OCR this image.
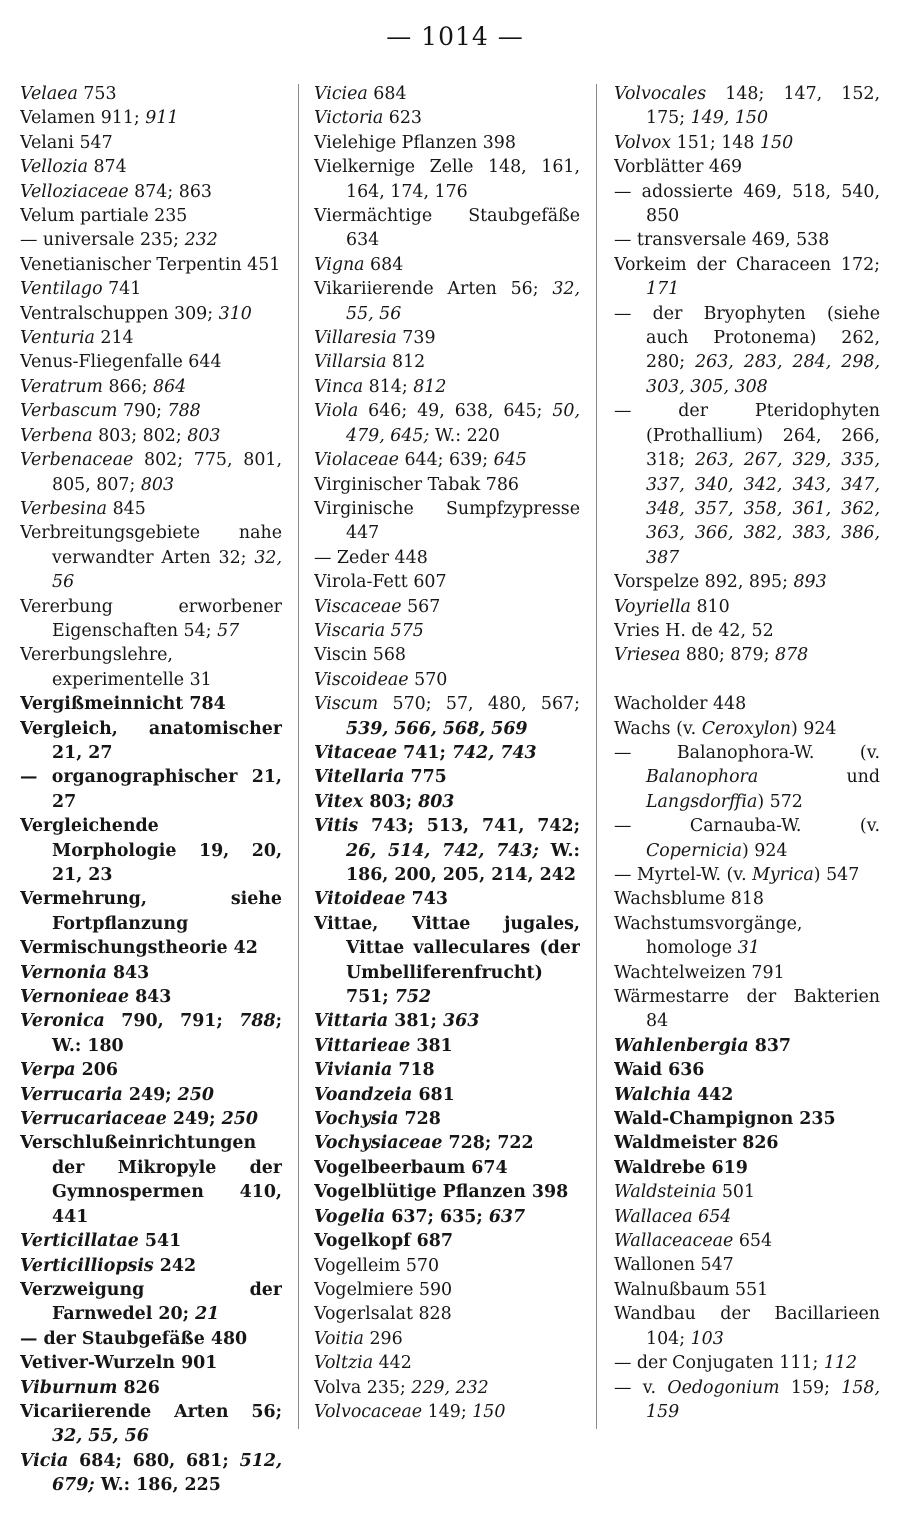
— 1014 —
Velaea 753
Velamen 911; 911
Velani 547
Vellozia 874
Velloziaceae 874; 863
Velum partiale 235
— universale 235; 232
Venetianischer Terpentin 451
Ventilago 741
Ventralschuppen 309; 310
Venturia 214
Venus-Fliegenfalle 644
Veratrum 866; 864
Verbascum 790; 788
Verbena 803; 802; 803
Verbenaceae 802; 775, 801, 805, 807; 803
Verbesina 845
Verbreitungsgebiete nahe verwandter Arten 32; 32, 56
Vererbung erworbener Eigenschaften 54; 57
Vererbungslehre, experimentelle 31
Vergißmeinnicht 784
Vergleich, anatomischer 21, 27
— organographischer 21, 27
Vergleichende Morphologie 19, 20, 21, 23
Vermehrung, siehe Fortpflanzung
Vermischungstheorie 42
Vernonia 843
Vernonieae 843
Veronica 790, 791; 788; W.: 180
Verpa 206
Verrucaria 249; 250
Verrucariaceae 249; 250
Verschlußeinrichtungen der Mikropyle der Gymnospermen 410, 441
Verticillatae 541
Verticilliopsis 242
Verzweigung der Farnwedel 20; 21
— der Staubgefäße 480
Vetiver-Wurzeln 901
Viburnum 826
Vicariierende Arten 56; 32, 55, 56
Vicia 684; 680, 681; 512, 679; W.: 186, 225
Viciea 684
Victoria 623
Vielehige Pflanzen 398
Vielkernige Zelle 148, 161, 164, 174, 176
Viermächtige Staubgefäße 634
Vigna 684
Vikariierende Arten 56; 32, 55, 56
Villaresia 739
Villarsia 812
Vinca 814; 812
Viola 646; 49, 638, 645; 50, 479, 645; W.: 220
Violaceae 644; 639; 645
Virginischer Tabak 786
Virginische Sumpfzypresse 447
— Zeder 448
Virola-Fett 607
Viscaceae 567
Viscaria 575
Viscin 568
Viscoideae 570
Viscum 570; 57, 480, 567; 539, 566, 568, 569
Vitaceae 741; 742, 743
Vitellaria 775
Vitex 803; 803
Vitis 743; 513, 741, 742; 26, 514, 742, 743; W.: 186, 200, 205, 214, 242
Vitoideae 743
Vittae, Vittae jugales, Vittae valleculares (der Umbelliferenfrucht) 751; 752
Vittaria 381; 363
Vittarieae 381
Viviania 718
Voandzeia 681
Vochysia 728
Vochysiaceae 728; 722
Vogelbeerbaum 674
Vogelblütige Pflanzen 398
Vogelia 637; 635; 637
Vogelkopf 687
Vogelleim 570
Vogelmiere 590
Vogerlsalat 828
Voitia 296
Voltzia 442
Volva 235; 229, 232
Volvocaceae 149; 150
Volvocales 148; 147, 152, 175; 149, 150
Volvox 151; 148 150
Vorblätter 469
— adossierte 469, 518, 540, 850
— transversale 469, 538
Vorkeim der Characeen 172; 171
— der Bryophyten (siehe auch Protonema) 262, 280; 263, 283, 284, 298, 303, 305, 308
— der Pteridophyten (Prothallium) 264, 266, 318; 263, 267, 329, 335, 337, 340, 342, 343, 347, 348, 357, 358, 361, 362, 363, 366, 382, 383, 386, 387
Vorspelze 892, 895; 893
Voyriella 810
Vries H. de 42, 52
Vriesea 880; 879; 878
Wacholder 448
Wachs (v. Ceroxylon) 924
— Balanophora-W. (v. Balanophora und Langsdorffia) 572
— Carnauba-W. (v. Copernicia) 924
— Myrtel-W. (v. Myrica) 547
Wachsblume 818
Wachstumsvorgänge, homologe 31
Wachtelweizen 791
Wärmestarre der Bakterien 84
Wahlenbergia 837
Waid 636
Walchia 442
Wald-Champignon 235
Waldmeister 826
Waldrebe 619
Waldsteinia 501
Wallacea 654
Wallaceaceae 654
Wallonen 547
Walnußbaum 551
Wandbau der Bacillarieen 104; 103
— der Conjugaten 111; 112
— v. Oedogonium 159; 158, 159
